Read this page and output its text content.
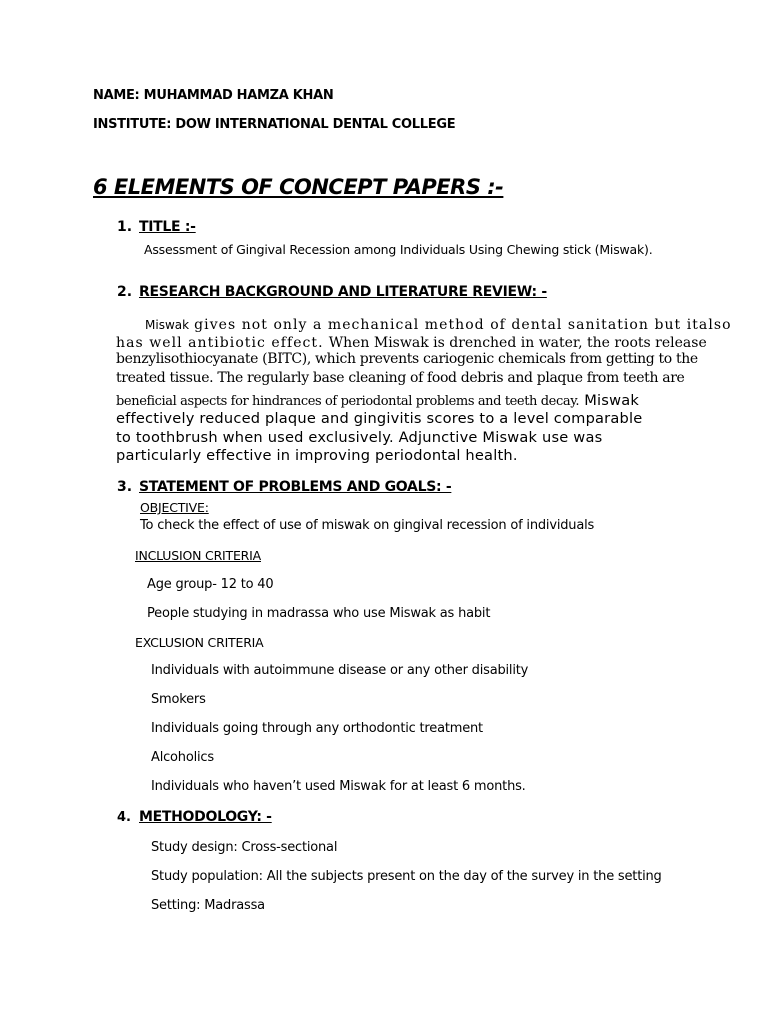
NAME: MUHAMMAD HAMZA KHAN
INSTITUTE: DOW INTERNATIONAL DENTAL COLLEGE
6 ELEMENTS OF CONCEPT PAPERS :-
1. TITLE :-
Assessment of Gingival Recession among Individuals Using Chewing stick (Miswak).
2. RESEARCH BACKGROUND AND LITERATURE REVIEW: -
Miswak gives not only a mechanical method of dental sanitation but italso
has well antibiotic effect. When Miswak is drenched in water, the roots release
benzylisothiocyanate (BITC), which prevents cariogenic chemicals from getting to the
treated tissue. The regularly base cleaning of food debris and plaque from teeth are
beneficial aspects for hindrances of periodontal problems and teeth decay. Miswak
effectively reduced plaque and gingivitis scores to a level comparable
to toothbrush when used exclusively. Adjunctive Miswak use was
particularly effective in improving periodontal health.
3. STATEMENT OF PROBLEMS AND GOALS: -
OBJECTIVE:
To check the effect of use of miswak on gingival recession of individuals
INCLUSION CRITERIA
Age group- 12 to 40
People studying in madrassa who use Miswak as habit
EXCLUSION CRITERIA
Individuals with autoimmune disease or any other disability
Smokers
Individuals going through any orthodontic treatment
Alcoholics
Individuals who haven’t used Miswak for at least 6 months.
4. METHODOLOGY: -
Study design: Cross-sectional
Study population: All the subjects present on the day of the survey in the setting
Setting: Madrassa
